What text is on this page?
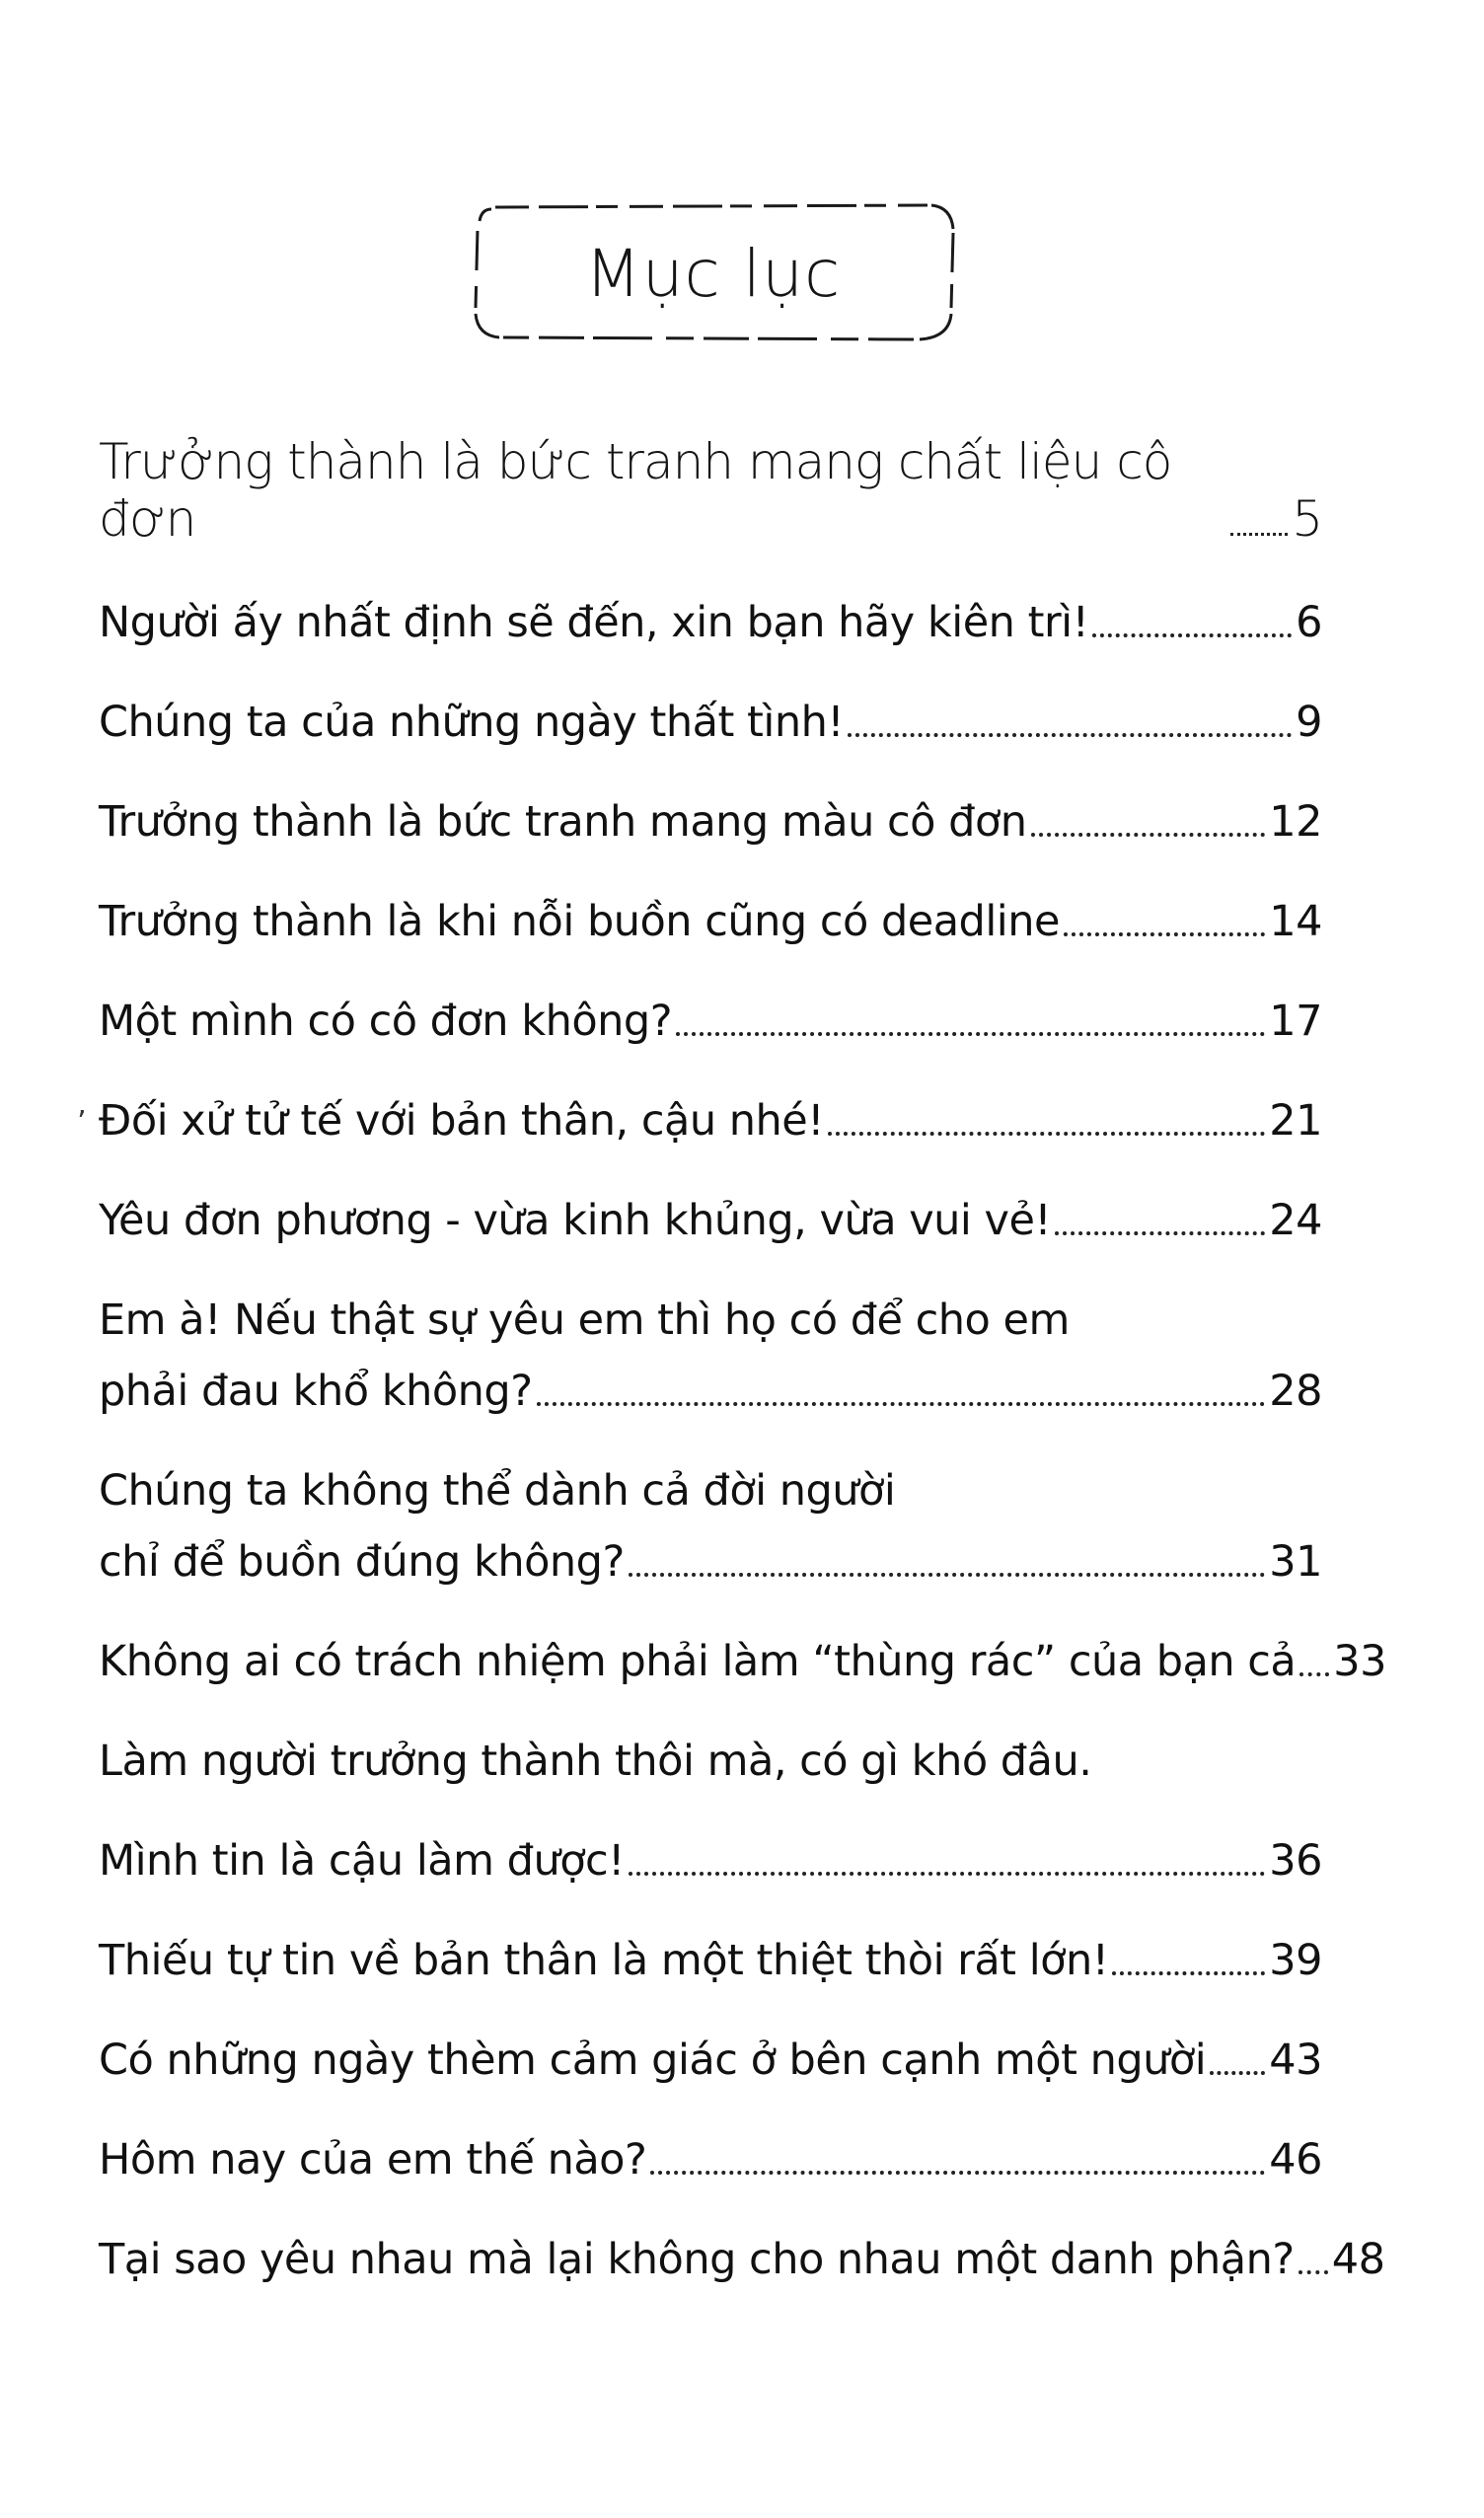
Mục lục
’
Trưởng thành là bức tranh mang chất liệu cô đơn	5
Người ấy nhất định sẽ đến, xin bạn hãy kiên trì!	6
Chúng ta của những ngày thất tình!	9
Trưởng thành là bức tranh mang màu cô đơn	12
Trưởng thành là khi nỗi buồn cũng có deadline	14
Một mình có cô đơn không?	17
Đối xử tử tế với bản thân, cậu nhé!	21
Yêu đơn phương - vừa kinh khủng, vừa vui vẻ!	24
Em à! Nếu thật sự yêu em thì họ có để cho em
phải đau khổ không?	28
Chúng ta không thể dành cả đời người
chỉ để buồn đúng không?	31
Không ai có trách nhiệm phải làm “thùng rác” của bạn cả 33
Làm người trưởng thành thôi mà, có gì khó đâu.
Mình tin là cậu làm được!	36
Thiếu tự tin về bản thân là một thiệt thòi rất lớn!	39
Có những ngày thèm cảm giác ở bên cạnh một người 43
Hôm nay của em thế nào?	46
Tại sao yêu nhau mà lại không cho nhau một danh phận? 48
